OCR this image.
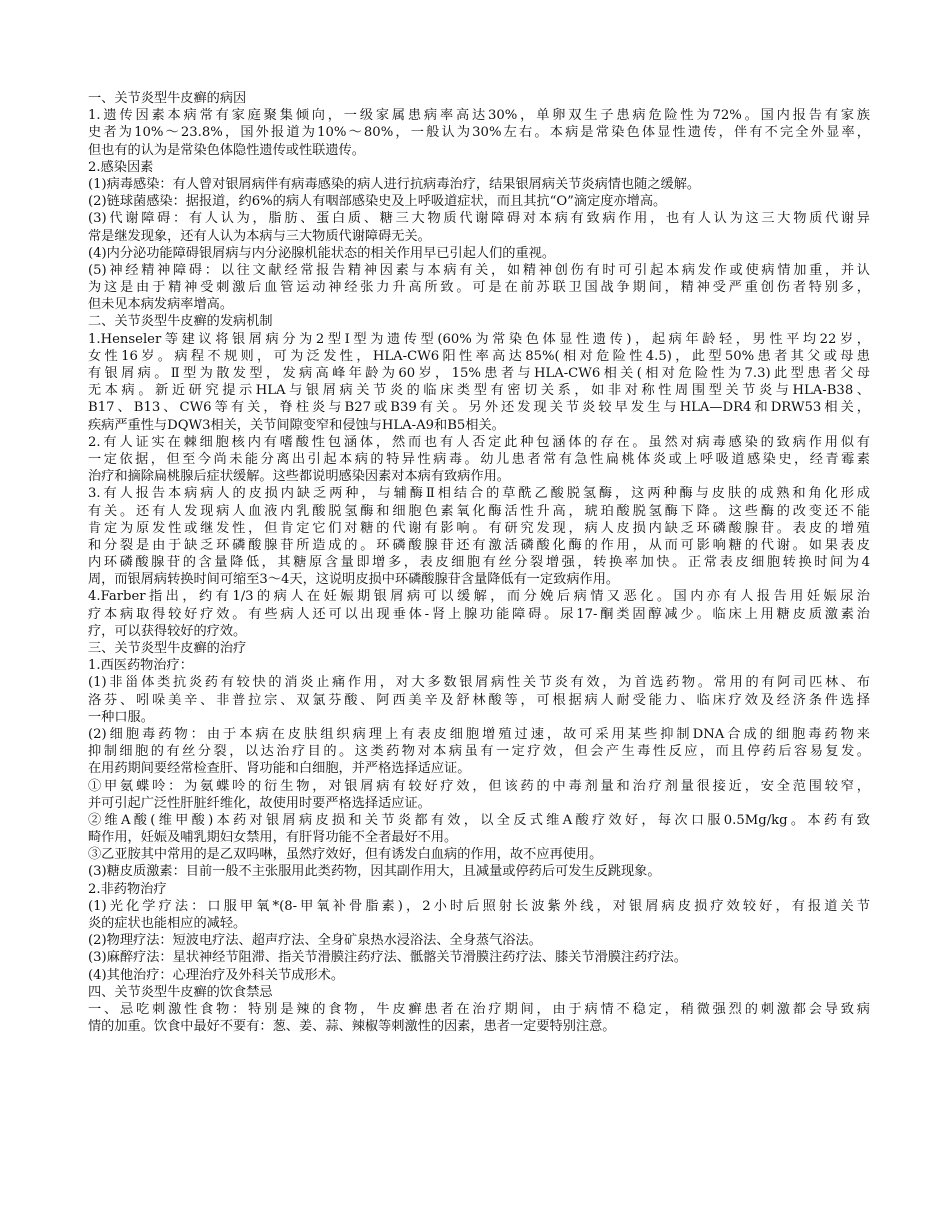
一、关节炎型牛皮癣的病因
1.遗传因素本病常有家庭聚集倾向，一级家属患病率高达30%，单卵双生子患病危险性为72%。国内报告有家族
史者为10%～23.8%，国外报道为10%～80%，一般认为30%左右。本病是常染色体显性遗传，伴有不完全外显率，
但也有的认为是常染色体隐性遗传或性联遗传。
2.感染因素
(1)病毒感染：有人曾对银屑病伴有病毒感染的病人进行抗病毒治疗，结果银屑病关节炎病情也随之缓解。
(2)链球菌感染：据报道，约6%的病人有咽部感染史及上呼吸道症状，而且其抗“O”滴定度亦增高。
(3)代谢障碍：有人认为，脂肪、蛋白质、糖三大物质代谢障碍对本病有致病作用，也有人认为这三大物质代谢异
常是继发现象，还有人认为本病与三大物质代谢障碍无关。
(4)内分泌功能障碍银屑病与内分泌腺机能状态的相关作用早已引起人们的重视。
(5)神经精神障碍：以往文献经常报告精神因素与本病有关，如精神创伤有时可引起本病发作或使病情加重，并认
为这是由于精神受刺激后血管运动神经张力升高所致。可是在前苏联卫国战争期间，精神受严重创伤者特别多，
但未见本病发病率增高。
二、关节炎型牛皮癣的发病机制
1.Henseler等建议将银屑病分为2型Ⅰ型为遗传型(60%为常染色体显性遗传)，起病年龄轻，男性平均22岁，
女性16岁。病程不规则，可为泛发性，HLA-CW6阳性率高达85%(相对危险性4.5)，此型50%患者其父或母患
有银屑病。Ⅱ型为散发型，发病高峰年龄为60岁，15%患者与HLA-CW6相关(相对危险性为7.3)此型患者父母
无本病。新近研究提示HLA与银屑病关节炎的临床类型有密切关系，如非对称性周围型关节炎与HLA-B38、
B17、B13、CW6等有关，脊柱炎与B27或B39有关。另外还发现关节炎较早发生与HLA—DR4和DRW53相关，
疾病严重性与DQW3相关，关节间隙变窄和侵蚀与HLA-A9和B5相关。
2.有人证实在棘细胞核内有嗜酸性包涵体，然而也有人否定此种包涵体的存在。虽然对病毒感染的致病作用似有
一定依据，但至今尚未能分离出引起本病的特异性病毒。幼儿患者常有急性扁桃体炎或上呼吸道感染史，经青霉素
治疗和摘除扁桃腺后症状缓解。这些都说明感染因素对本病有致病作用。
3.有人报告本病病人的皮损内缺乏两种，与辅酶Ⅱ相结合的草酰乙酸脱氢酶，这两种酶与皮肤的成熟和角化形成
有关。还有人发现病人血液内乳酸脱氢酶和细胞色素氧化酶活性升高，琥珀酸脱氢酶下降。这些酶的改变还不能
肯定为原发性或继发性，但肯定它们对糖的代谢有影响。有研究发现，病人皮损内缺乏环磷酸腺苷。表皮的增殖
和分裂是由于缺乏环磷酸腺苷所造成的。环磷酸腺苷还有激活磷酸化酶的作用，从而可影响糖的代谢。如果表皮
内环磷酸腺苷的含量降低，其糖原含量即增多，表皮细胞有丝分裂增强，转换率加快。正常表皮细胞转换时间为4
周，而银屑病转换时间可缩至3～4天，这说明皮损中环磷酸腺苷含量降低有一定致病作用。
4.Farber指出，约有1/3的病人在妊娠期银屑病可以缓解，而分娩后病情又恶化。国内亦有人报告用妊娠尿治
疗本病取得较好疗效。有些病人还可以出现垂体-肾上腺功能障碍。尿17-酮类固醇减少。临床上用糖皮质激素治
疗，可以获得较好的疗效。
三、关节炎型牛皮癣的治疗
1.西医药物治疗：
(1)非甾体类抗炎药有较快的消炎止痛作用，对大多数银屑病性关节炎有效，为首选药物。常用的有阿司匹林、布
洛芬、吲哚美辛、非普拉宗、双氯芬酸、阿西美辛及舒林酸等，可根据病人耐受能力、临床疗效及经济条件选择
一种口服。
(2)细胞毒药物：由于本病在皮肤组织病理上有表皮细胞增殖过速，故可采用某些抑制DNA合成的细胞毒药物来
抑制细胞的有丝分裂，以达治疗目的。这类药物对本病虽有一定疗效，但会产生毒性反应，而且停药后容易复发。
在用药期间要经常检查肝、肾功能和白细胞，并严格选择适应证。
①甲氨蝶呤：为氨蝶呤的衍生物，对银屑病有较好疗效，但该药的中毒剂量和治疗剂量很接近，安全范围较窄，
并可引起广泛性肝脏纤维化，故使用时要严格选择适应证。
②维A酸(维甲酸)本药对银屑病皮损和关节炎都有效，以全反式维A酸疗效好，每次口服0.5Mg/kg。本药有致
畸作用，妊娠及哺乳期妇女禁用，有肝肾功能不全者最好不用。
③乙亚胺其中常用的是乙双吗啉，虽然疗效好，但有诱发白血病的作用，故不应再使用。
(3)糖皮质激素：目前一般不主张服用此类药物，因其副作用大，且减量或停药后可发生反跳现象。
2.非药物治疗
(1)光化学疗法：口服甲氧*(8-甲氧补骨脂素)，2小时后照射长波紫外线，对银屑病皮损疗效较好，有报道关节
炎的症状也能相应的减轻。
(2)物理疗法：短波电疗法、超声疗法、全身矿泉热水浸浴法、全身蒸气浴法。
(3)麻醉疗法：星状神经节阻滞、指关节滑膜注药疗法、骶髂关节滑膜注药疗法、膝关节滑膜注药疗法。
(4)其他治疗：心理治疗及外科关节成形术。
四、关节炎型牛皮癣的饮食禁忌
一、忌吃刺激性食物：特别是辣的食物，牛皮癣患者在治疗期间，由于病情不稳定，稍微强烈的刺激都会导致病
情的加重。饮食中最好不要有：葱、姜、蒜、辣椒等刺激性的因素，患者一定要特别注意。
